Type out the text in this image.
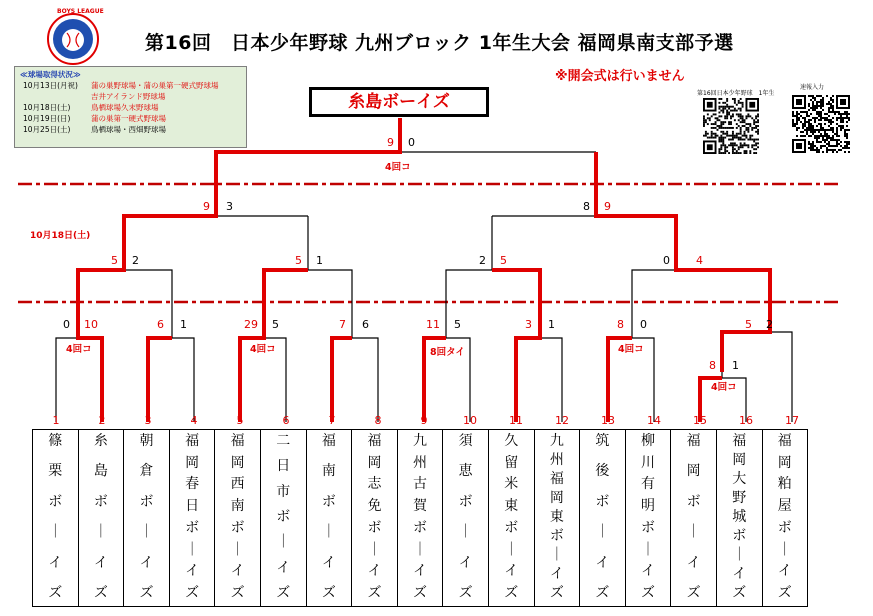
第16回　日本少年野球 九州ブロック 1年生大会 福岡県南支部予選
※開会式は行いません
BOYS LEAGUE
≪球場取得状況≫
10月13日(月祝) 蒲の巣野球場・蒲の巣第一硬式野球場
吉井アイランド野球場
10月18日(土)	鳥栖球場久末野球場
10月19日(日)	蒲の巣第一硬式野球場
10月25日(土)	鳥栖球場・西畑野球場
糸島ボーイズ	第16回日本少年野球　1年生
速報入力
8 1
0 10	6 1	29 5	7 6	11 5	3 1	8 0	5 2
5 2	5 1	2 5	0 4
9 3	8 9
9 0
4回コ
4回コ	4回コ	8回タイ	4回コ
4回コ
10月18日(土)
1	2	3	4	5	6	7	8	9	10	11	12	13	14	15	16	17
篠
栗
ボ
｜
イ
ズ

糸
島
ボ
｜
イ
ズ

朝
倉
ボ
｜
イ
ズ

福
岡
春
日
ボ
｜
イ
ズ

福
岡
西
南
ボ
｜
イ
ズ

二
日
市
ボ
｜
イ
ズ

福
南
ボ
｜
イ
ズ

福
岡
志
免
ボ
｜
イ
ズ

九
州
古
賀
ボ
｜
イ
ズ

須
恵
ボ
｜
イ
ズ

久
留
米
東
ボ
｜
イ
ズ

九
州
福
岡
東
ボ
｜
イ
ズ

筑
後
ボ
｜
イ
ズ

柳
川
有
明
ボ
｜
イ
ズ

福
岡
ボ
｜
イ
ズ

福
岡
大
野
城
ボ
｜
イ
ズ

福
岡
粕
屋
ボ
｜
イ
ズ
